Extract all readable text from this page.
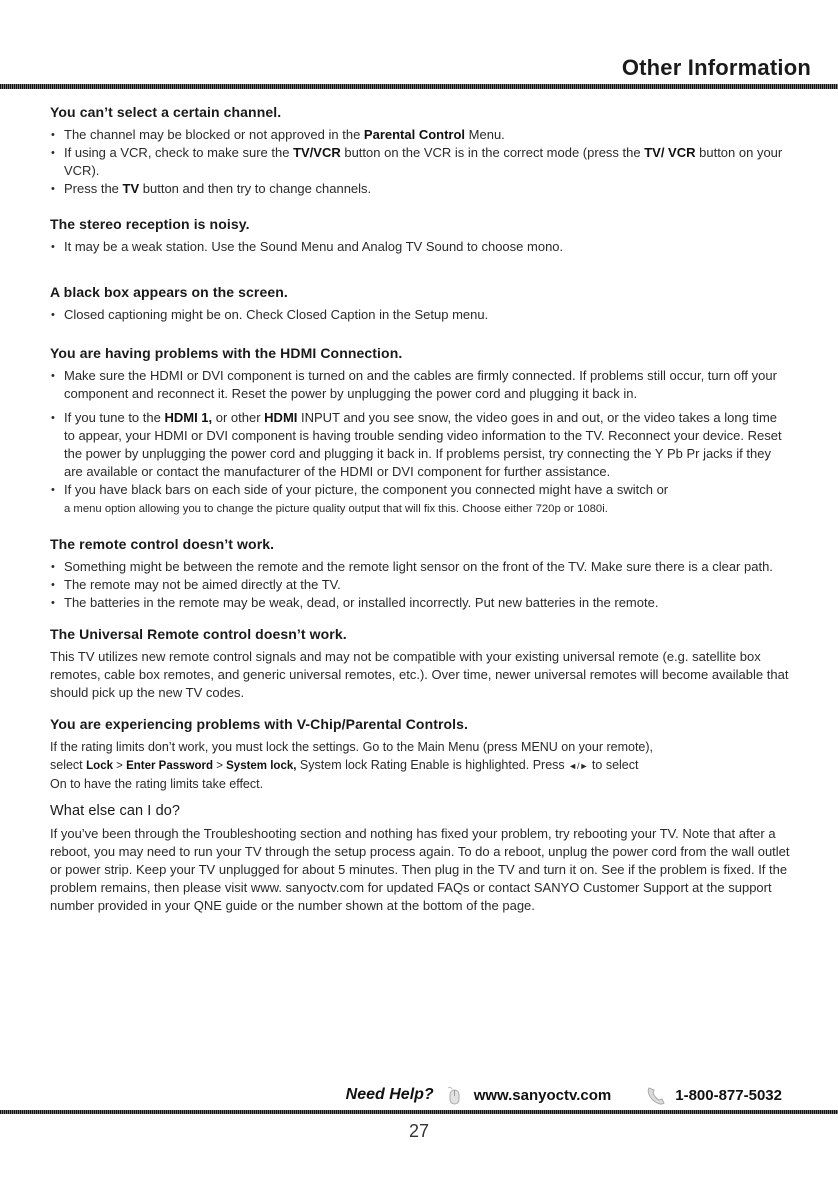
Other Information
You can’t select a certain channel.
• The channel may be blocked or not approved in the Parental Control Menu.
• If using a VCR, check to make sure the TV/VCR button on the VCR is in the correct mode (press the TV/ VCR button on your VCR).
• Press the TV button and then try to change channels.
The stereo reception is noisy.
• It may be a weak station. Use the Sound Menu and Analog TV Sound to choose mono.
A black box appears on the screen.
• Closed captioning might be on. Check Closed Caption in the Setup menu.
You are having problems with the HDMI Connection.
• Make sure the HDMI or DVI component is turned on and the cables are firmly connected. If problems still occur, turn off your component and reconnect it. Reset the power by unplugging the power cord and plugging it back in.
• If you tune to the HDMI 1, or other HDMI INPUT and you see snow, the video goes in and out, or the video takes a long time to appear, your HDMI or DVI component is having trouble sending video information to the TV. Reconnect your device. Reset the power by unplugging the power cord and plugging it back in. If problems persist, try connecting the Y Pb Pr jacks if they are available or contact the manufacturer of the HDMI or DVI component for further assistance.
• If you have black bars on each side of your picture, the component you connected might have a switch or
a menu option allowing you to change the picture quality output that will fix this. Choose either 720p or 1080i.
The remote control doesn’t work.
• Something might be between the remote and the remote light sensor on the front of the TV. Make sure there is a clear path.
• The remote may not be aimed directly at the TV.
• The batteries in the remote may be weak, dead, or installed incorrectly. Put new batteries in the remote.
The Universal Remote control doesn’t work.

This TV utilizes new remote control signals and may not be compatible with your existing universal remote (e.g. satellite box remotes, cable box remotes, and generic universal remotes, etc.). Over time, newer universal remotes will become available that should pick up the new TV codes.

You are experiencing problems with V-Chip/Parental Controls.

If the rating limits don’t work, you must lock the settings. Go to the Main Menu (press MENU on your remote),
select Lock > Enter Password > System lock, System lock Rating Enable is highlighted. Press ◄/► to select
On to have the rating limits take effect.

What else can I do?

If you’ve been through the Troubleshooting section and nothing has fixed your problem, try rebooting your TV. Note that after a reboot, you may need to run your TV through the setup process again. To do a reboot, unplug the power cord from the wall outlet or power strip. Keep your TV unplugged for about 5 minutes. Then plug in the TV and turn it on. See if the problem is fixed. If the problem remains, then please visit www. sanyoctv.com for updated FAQs or contact SANYO Customer Support at the support number provided in your QNE guide or the number shown at the bottom of the page.

Need Help?	www.sanyoctv.com	1-800-877-5032
27
